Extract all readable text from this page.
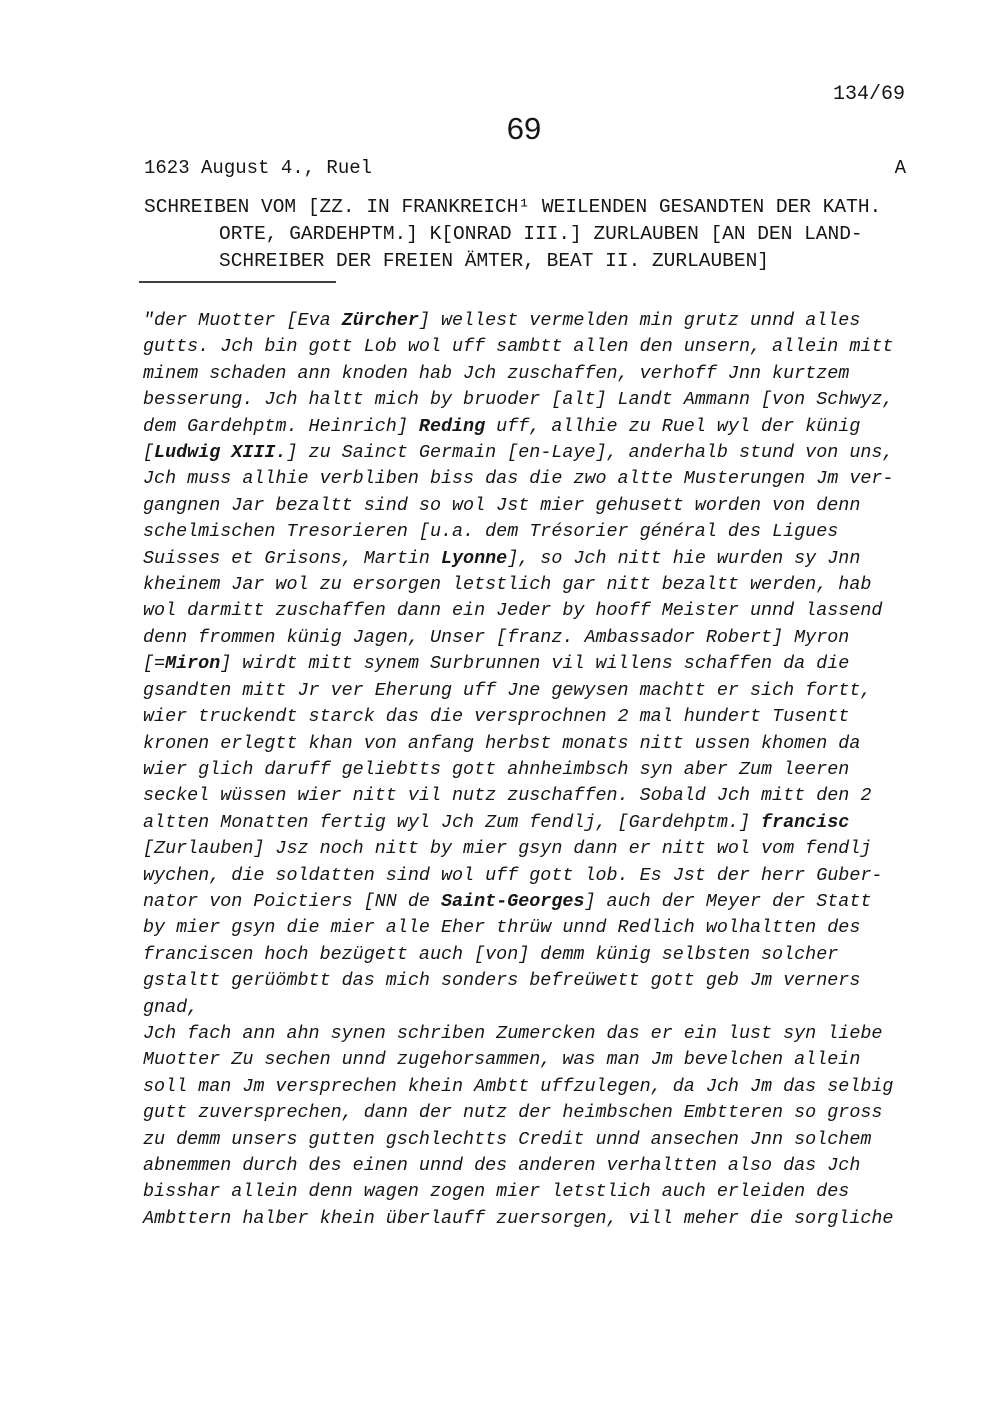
134/69
69
1623 August 4., Ruel	A
SCHREIBEN VOM [ZZ. IN FRANKREICH¹ WEILENDEN GESANDTEN DER KATH.
ORTE, GARDEHPTM.] K[ONRAD III.] ZURLAUBEN [AN DEN LAND-
SCHREIBER DER FREIEN ÄMTER, BEAT II. ZURLAUBEN]
"der Muotter [Eva Zürcher] wellest vermelden min grutz unnd alles
gutts. Jch bin gott Lob wol uff sambtt allen den unsern, allein mitt
minem schaden ann knoden hab Jch zuschaffen, verhoff Jnn kurtzem
besserung. Jch haltt mich by bruoder [alt] Landt Ammann [von Schwyz,
dem Gardehptm. Heinrich] Reding uff, allhie zu Ruel wyl der künig
[Ludwig XIII.] zu Sainct Germain [en-Laye], anderhalb stund von uns,
Jch muss allhie verbliben biss das die zwo altte Musterungen Jm ver-
gangnen Jar bezaltt sind so wol Jst mier gehusett worden von denn
schelmischen Tresorieren [u.a. dem Trésorier général des Ligues
Suisses et Grisons, Martin Lyonne], so Jch nitt hie wurden sy Jnn
kheinem Jar wol zu ersorgen letstlich gar nitt bezaltt werden, hab
wol darmitt zuschaffen dann ein Jeder by hooff Meister unnd lassend
denn frommen künig Jagen, Unser [franz. Ambassador Robert] Myron
[=Miron] wirdt mitt synem Surbrunnen vil willens schaffen da die
gsandten mitt Jr ver Eherung uff Jne gewysen machtt er sich fortt,
wier truckendt starck das die versprochnen 2 mal hundert Tusentt
kronen erlegtt khan von anfang herbst monats nitt ussen khomen da
wier glich daruff geliebtts gott ahnheimbsch syn aber Zum leeren
seckel wüssen wier nitt vil nutz zuschaffen. Sobald Jch mitt den 2
altten Monatten fertig wyl Jch Zum fendlj, [Gardehptm.] francisc
[Zurlauben] Jsz noch nitt by mier gsyn dann er nitt wol vom fendlj
wychen, die soldatten sind wol uff gott lob. Es Jst der herr Guber-
nator von Poictiers [NN de Saint-Georges] auch der Meyer der Statt
by mier gsyn die mier alle Eher thrüw unnd Redlich wolhaltten des
franciscen hoch bezügett auch [von] demm künig selbsten solcher
gstaltt gerüömbtt das mich sonders befreüwett gott geb Jm verners
gnad,
Jch fach ann ahn synen schriben Zumercken das er ein lust syn liebe
Muotter Zu sechen unnd zugehorsammen, was man Jm bevelchen allein
soll man Jm versprechen khein Ambtt uffzulegen, da Jch Jm das selbig
gutt zuversprechen, dann der nutz der heimbschen Embtteren so gross
zu demm unsers gutten gschlechtts Credit unnd ansechen Jnn solchem
abnemmen durch des einen unnd des anderen verhaltten also das Jch
bisshar allein denn wagen zogen mier letstlich auch erleiden des
Ambttern halber khein überlauff zuersorgen, vill meher die sorgliche
